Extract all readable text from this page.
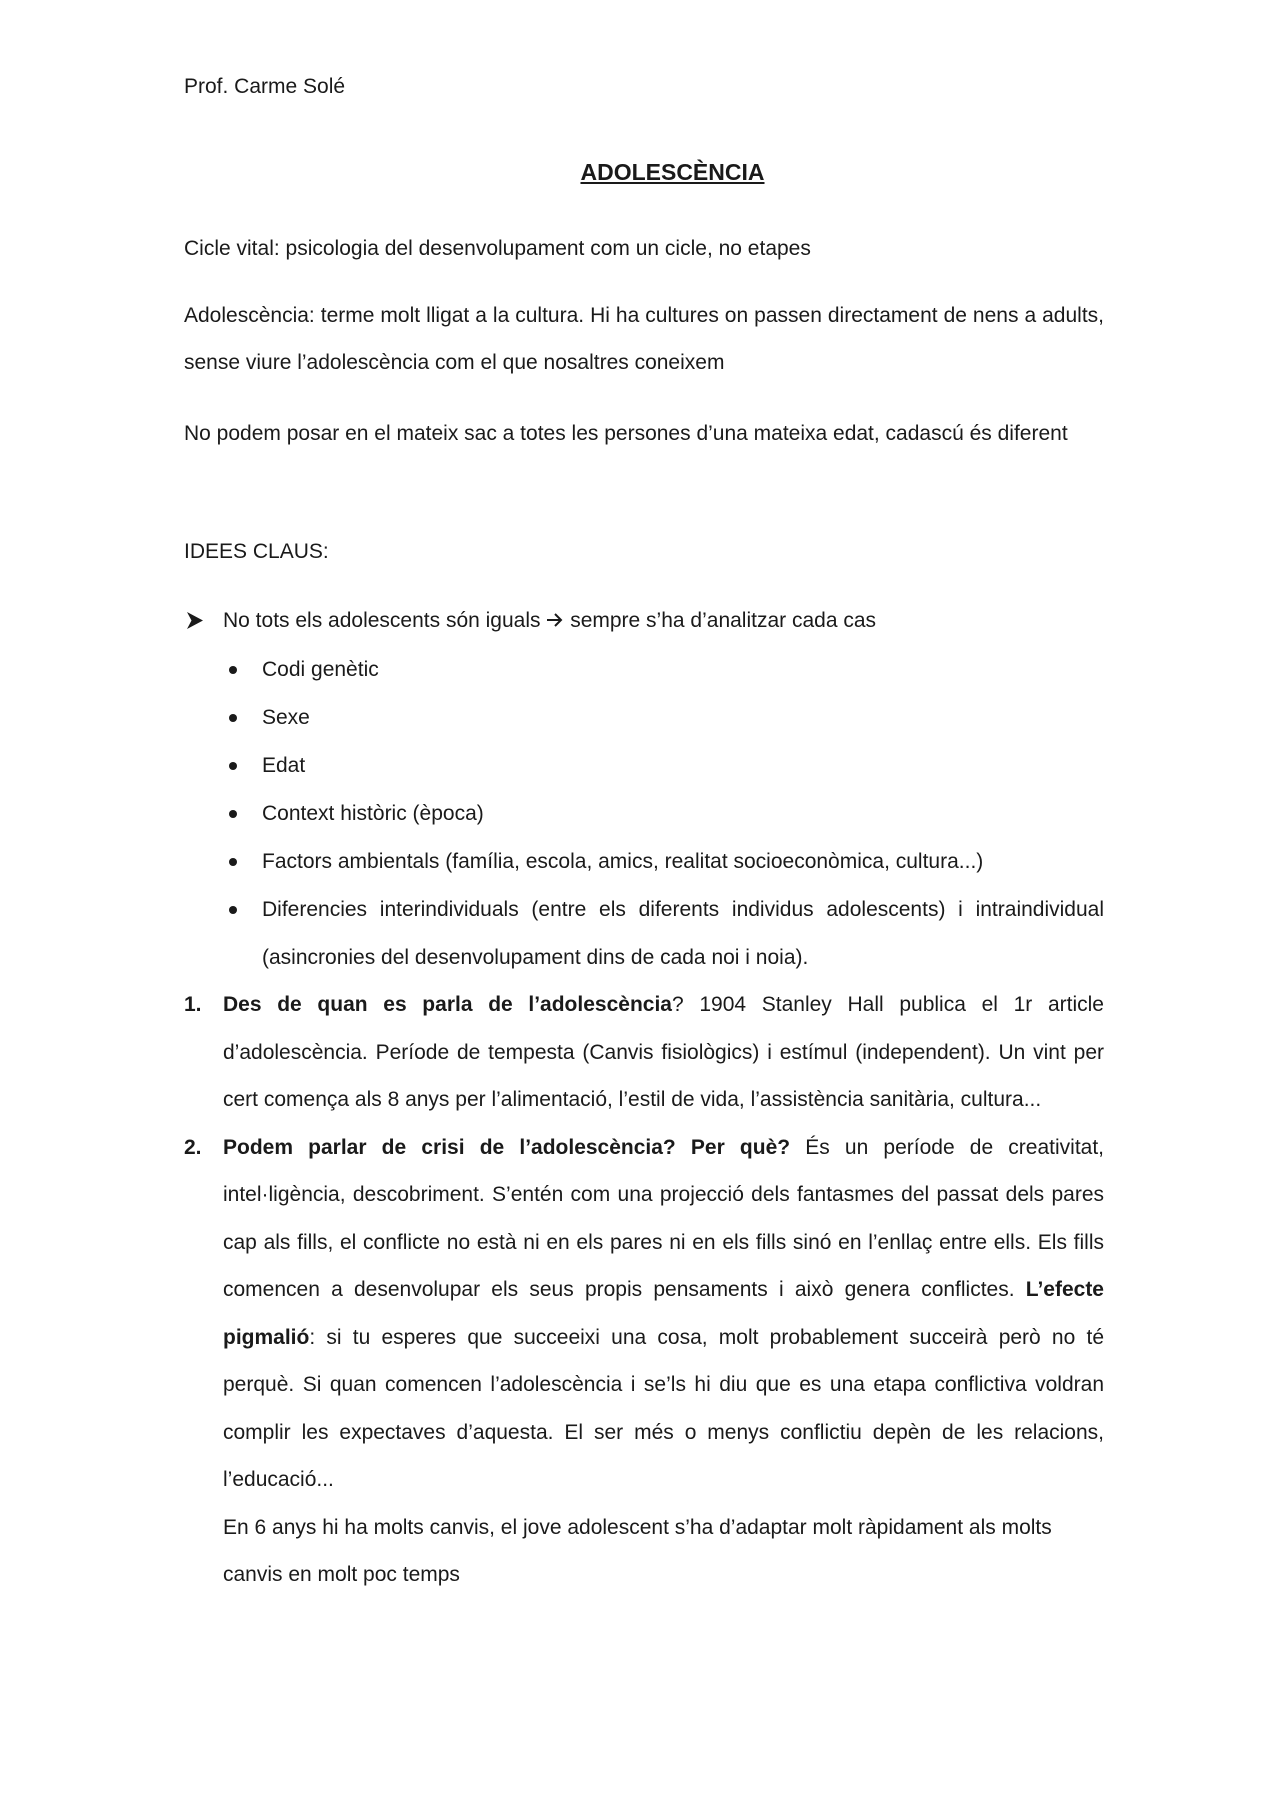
Prof. Carme Solé
ADOLESCÈNCIA
Cicle vital: psicologia del desenvolupament com un cicle, no etapes
Adolescència: terme molt lligat a la cultura. Hi ha cultures on passen directament de nens a adults, sense viure l’adolescència com el que nosaltres coneixem
No podem posar en el mateix sac a totes les persones d’una mateixa edat, cadascú és diferent
IDEES CLAUS:
No tots els adolescents són iguals sempre s’ha d’analitzar cada cas
Codi genètic
Sexe
Edat
Context històric (època)
Factors ambientals (família, escola, amics, realitat socioeconòmica, cultura...)
Diferencies interindividuals (entre els diferents individus adolescents) i intraindividual (asincronies del desenvolupament dins de cada noi i noia).
1. Des de quan es parla de l’adolescència? 1904 Stanley Hall publica el 1r article d’adolescència. Període de tempesta (Canvis fisiològics) i estímul (independent). Un vint per cert comença als 8 anys per l’alimentació, l’estil de vida, l’assistència sanitària, cultura...
2. Podem parlar de crisi de l’adolescència? Per què? És un període de creativitat, intel·ligència, descobriment. S’entén com una projecció dels fantasmes del passat dels pares cap als fills, el conflicte no està ni en els pares ni en els fills sinó en l’enllaç entre ells. Els fills comencen a desenvolupar els seus propis pensaments i això genera conflictes. L’efecte pigmalió: si tu esperes que succeeixi una cosa, molt probablement succeirà però no té perquè. Si quan comencen l’adolescència i se’ls hi diu que es una etapa conflictiva voldran complir les expectaves d’aquesta. El ser més o menys conflictiu depèn de les relacions, l’educació...
En 6 anys hi ha molts canvis, el jove adolescent s’ha d’adaptar molt ràpidament als molts canvis en molt poc temps
